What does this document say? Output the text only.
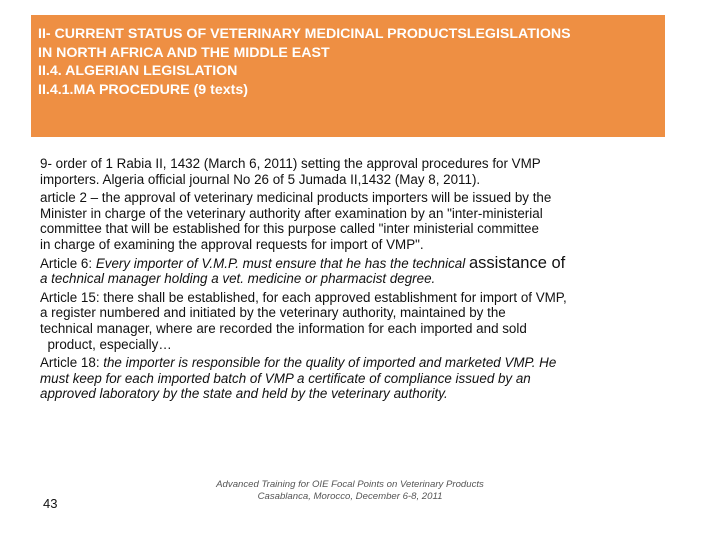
II- CURRENT STATUS OF VETERINARY MEDICINAL PRODUCTSLEGISLATIONS
IN NORTH AFRICA AND THE MIDDLE EAST
II.4. ALGERIAN LEGISLATION
II.4.1.MA PROCEDURE (9 texts)

9- order of 1 Rabia II, 1432 (March 6, 2011) setting the approval procedures for VMP

importers. Algeria official journal No 26 of 5 Jumada II,1432 (May 8, 2011).

article 2 – the approval of veterinary medicinal products importers will be issued by the

Minister in charge of the veterinary authority after examination by an "inter-ministerial

committee that will be established for this purpose called "inter ministerial committee

in charge of examining the approval requests for import of VMP".

Article 6: Every importer of V.M.P. must ensure that he has the technical assistance of

a technical manager holding a vet. medicine or pharmacist degree.

Article 15: there shall be established, for each approved establishment for import of VMP,

a register numbered and initiated by the veterinary authority, maintained by the

technical manager, where are recorded the information for each imported and sold

product, especially…

Article 18: the importer is responsible for the quality of imported and marketed VMP. He

must keep for each imported batch of VMP a certificate of compliance issued by an

approved laboratory by the state and held by the veterinary authority.

43
Advanced Training for OIE Focal Points on Veterinary Products
Casablanca, Morocco, December 6-8, 2011
